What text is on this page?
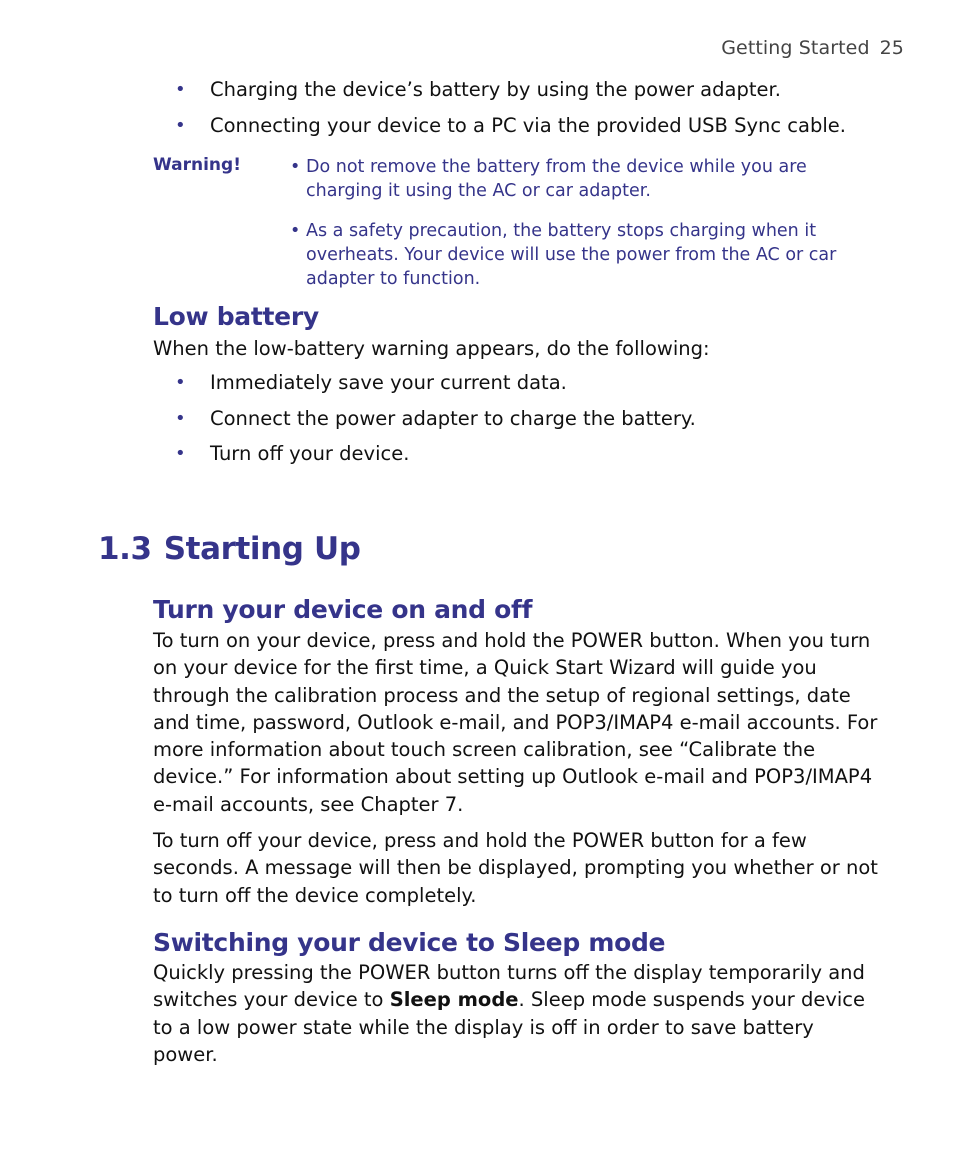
Getting Started 25
• Charging the device’s battery by using the power adapter.
• Connecting your device to a PC via the provided USB Sync cable.
Warning!	• Do not remove the battery from the device while you are charging it using the AC or car adapter.
• As a safety precaution, the battery stops charging when it overheats. Your device will use the power from the AC or car adapter to function.
Low battery
When the low-battery warning appears, do the following:
• Immediately save your current data.
• Connect the power adapter to charge the battery.
• Turn off your device.
1.3 Starting Up
Turn your device on and off
To turn on your device, press and hold the POWER button. When you turn on your device for the first time, a Quick Start Wizard will guide you through the calibration process and the setup of regional settings, date and time, password, Outlook e-mail, and POP3/IMAP4 e-mail accounts. For more information about touch screen calibration, see “Calibrate the device.” For information about setting up Outlook e-mail and POP3/IMAP4 e-mail accounts, see Chapter 7.
To turn off your device, press and hold the POWER button for a few seconds. A message will then be displayed, prompting you whether or not to turn off the device completely.
Switching your device to Sleep mode
Quickly pressing the POWER button turns off the display temporarily and switches your device to Sleep mode. Sleep mode suspends your device to a low power state while the display is off in order to save battery power.
